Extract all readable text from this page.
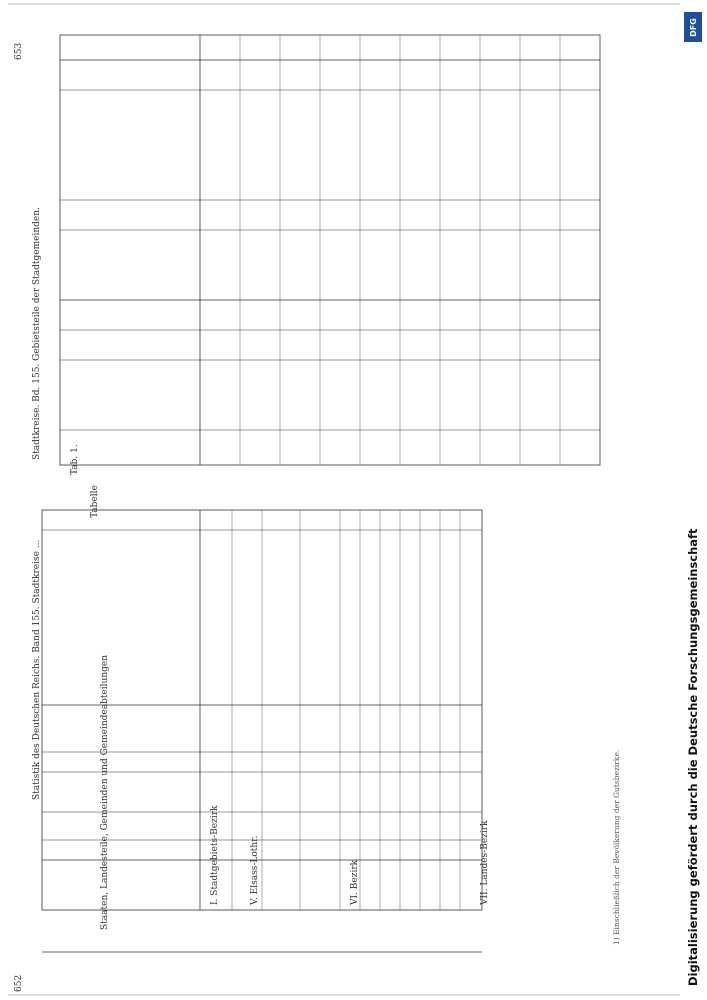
652
Statistik des Deutschen Reichs. Band 155. Stadtkreise ...
Tabelle
Staaten, Landesteile, Gemeinden und Gemeindeabteilungen	1) Einschließlich der Bevölkerung der Gutsbezirke.
653
Stadtkreise. Bd. 155. Gebietsteile der Stadtgemeinden.	Tab. 1.
I. Stadtgebiets-Bezirk	V. Elsass-Lothr.	VI. Bezirk	VII. Landes-Bezirk
DFG
Digitalisierung gefördert durch die Deutsche Forschungsgemeinschaft
